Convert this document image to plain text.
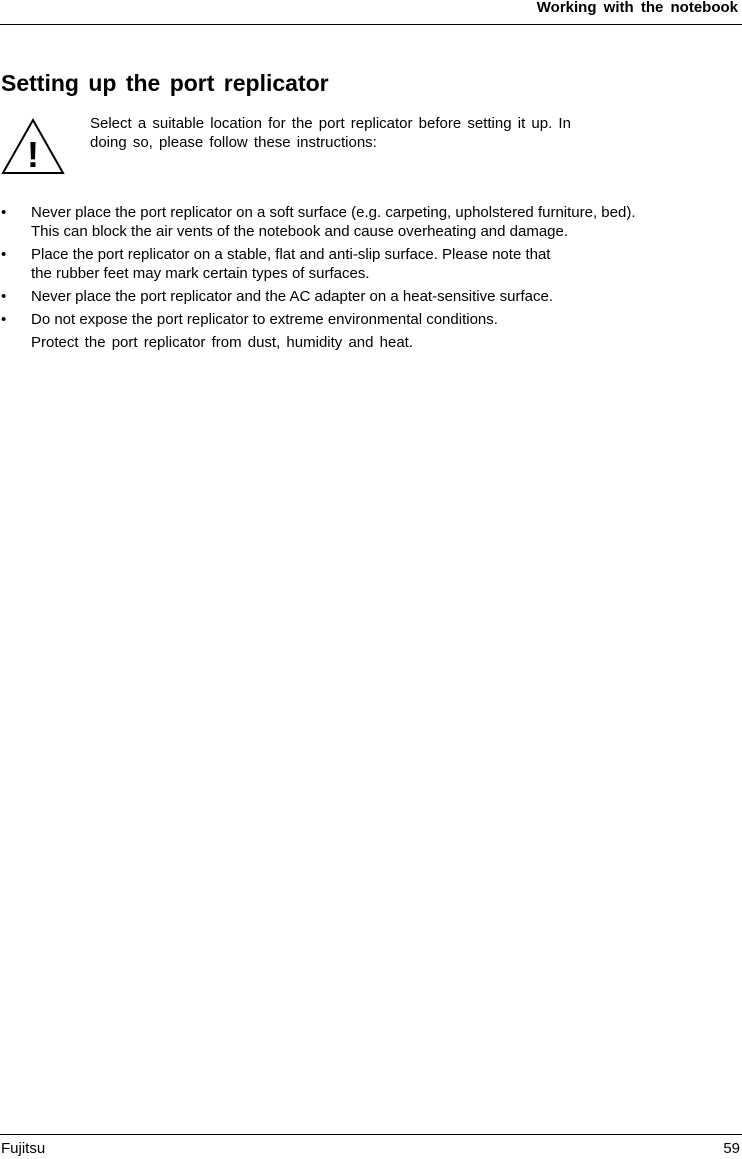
Working with the notebook
Setting up the port replicator
!
Select a suitable location for the port replicator before setting it up. In
doing so, please follow these instructions:
• Never place the port replicator on a soft surface (e.g. carpeting, upholstered furniture, bed).
This can block the air vents of the notebook and cause overheating and damage.
• Place the port replicator on a stable, flat and anti-slip surface. Please note that
the rubber feet may mark certain types of surfaces.
• Never place the port replicator and the AC adapter on a heat-sensitive surface.
• Do not expose the port replicator to extreme environmental conditions.
Protect the port replicator from dust, humidity and heat.
Fujitsu	59
